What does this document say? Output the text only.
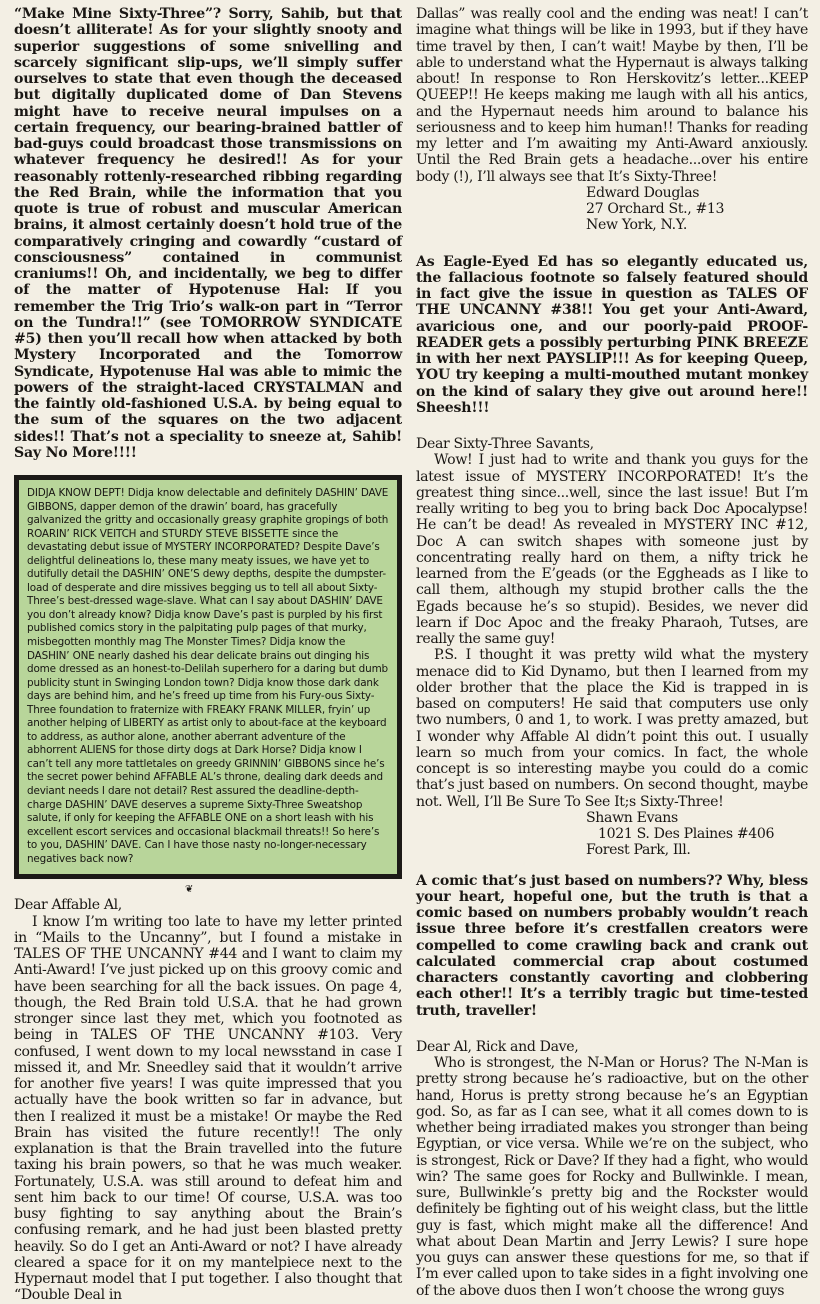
“Make Mine Sixty-Three”? Sorry, Sahib, but that doesn’t alliterate! As for your slightly snooty and superior suggestions of some snivelling and scarcely significant slip-ups, we’ll simply suffer ourselves to state that even though the deceased but digitally duplicated dome of Dan Stevens might have to receive neural impulses on a certain frequency, our bearing-brained battler of bad-guys could broadcast those transmissions on whatever frequency he desired!! As for your reasonably rottenly-researched ribbing regarding the Red Brain, while the information that you quote is true of robust and muscular American brains, it almost certainly doesn’t hold true of the comparatively cringing and cowardly “custard of consciousness” contained in communist craniums!! Oh, and incidentally, we beg to differ of the matter of Hypotenuse Hal: If you remember the Trig Trio’s walk-on part in “Terror on the Tundra!!” (see TOMORROW SYNDICATE #5) then you’ll recall how when attacked by both Mystery Incorporated and the Tomorrow Syndicate, Hypotenuse Hal was able to mimic the powers of the straight-laced CRYSTALMAN and the faintly old-fashioned U.S.A. by being equal to the sum of the squares on the two adjacent sides!! That’s not a speciality to sneeze at, Sahib! Say No More!!!!

DIDJA KNOW DEPT! Didja know delectable and definitely DASHIN’ DAVE GIBBONS, dapper demon of the drawin’ board, has gracefully galvanized the gritty and occasionally greasy graphite gropings of both ROARIN’ RICK VEITCH and STURDY STEVE BISSETTE since the devastating debut issue of MYSTERY INCORPORATED? Despite Dave’s delightful delineations lo, these many meaty issues, we have yet to dutifully detail the DASHIN’ ONE’S dewy depths, despite the dumpster-load of desperate and dire missives begging us to tell all about Sixty-Three’s best-dressed wage-slave. What can I say about DASHIN’ DAVE you don’t already know? Didja know Dave’s past is purpled by his first published comics story in the palpitating pulp pages of that murky, misbegotten monthly mag The Monster Times? Didja know the DASHIN’ ONE nearly dashed his dear delicate brains out dinging his dome dressed as an honest-to-Delilah superhero for a daring but dumb publicity stunt in Swinging London town? Didja know those dark dank days are behind him, and he’s freed up time from his Fury-ous Sixty-Three foundation to fraternize with FREAKY FRANK MILLER, fryin’ up another helping of LIBERTY as artist only to about-face at the keyboard to address, as author alone, another aberrant adventure of the abhorrent ALIENS for those dirty dogs at Dark Horse? Didja know I can’t tell any more tattletales on greedy GRINNIN’ GIBBONS since he’s the secret power behind AFFABLE AL’s throne, dealing dark deeds and deviant needs I dare not detail? Rest assured the deadline-depth-charge DASHIN’ DAVE deserves a supreme Sixty-Three Sweatshop salute, if only for keeping the AFFABLE ONE on a short leash with his excellent escort services and occasional blackmail threats!! So here’s to you, DASHIN’ DAVE. Can I have those nasty no-longer-necessary negatives back now?
❦

Dear Affable Al,

I know I’m writing too late to have my letter printed in “Mails to the Uncanny”, but I found a mistake in TALES OF THE UNCANNY #44 and I want to claim my Anti-Award! I’ve just picked up on this groovy comic and have been searching for all the back issues. On page 4, though, the Red Brain told U.S.A. that he had grown stronger since last they met, which you footnoted as being in TALES OF THE UNCANNY #103. Very confused, I went down to my local newsstand in case I missed it, and Mr. Sneedley said that it wouldn’t arrive for another five years! I was quite impressed that you actually have the book written so far in advance, but then I realized it must be a mistake! Or maybe the Red Brain has visited the future recently!! The only explanation is that the Brain travelled into the future taxing his brain powers, so that he was much weaker. Fortunately, U.S.A. was still around to defeat him and sent him back to our time! Of course, U.S.A. was too busy fighting to say anything about the Brain’s confusing remark, and he had just been blasted pretty heavily. So do I get an Anti-Award or not? I have already cleared a space for it on my mantelpiece next to the Hypernaut model that I put together. I also thought that “Double Deal in

Dallas” was really cool and the ending was neat! I can’t imagine what things will be like in 1993, but if they have time travel by then, I can’t wait! Maybe by then, I’ll be able to understand what the Hypernaut is always talking about! In response to Ron Herskovitz’s letter...KEEP QUEEP!! He keeps making me laugh with all his antics, and the Hypernaut needs him around to balance his seriousness and to keep him human!! Thanks for reading my letter and I’m awaiting my Anti-Award anxiously. Until the Red Brain gets a headache...over his entire body (!), I’ll always see that It’s Sixty-Three!

Edward Douglas
27 Orchard St., #13
New York, N.Y.

As Eagle-Eyed Ed has so elegantly educated us, the fallacious footnote so falsely featured should in fact give the issue in question as TALES OF THE UNCANNY #38!! You get your Anti-Award, avaricious one, and our poorly-paid PROOF-READER gets a possibly perturbing PINK BREEZE in with her next PAYSLIP!!! As for keeping Queep, YOU try keeping a multi-mouthed mutant monkey on the kind of salary they give out around here!! Sheesh!!!

Dear Sixty-Three Savants,

Wow! I just had to write and thank you guys for the latest issue of MYSTERY INCORPORATED! It’s the greatest thing since...well, since the last issue! But I’m really writing to beg you to bring back Doc Apocalypse! He can’t be dead! As revealed in MYSTERY INC #12, Doc A can switch shapes with someone just by concentrating really hard on them, a nifty trick he learned from the E’geads (or the Eggheads as I like to call them, although my stupid brother calls the the Egads because he’s so stupid). Besides, we never did learn if Doc Apoc and the freaky Pharaoh, Tutses, are really the same guy!

P.S. I thought it was pretty wild what the mystery menace did to Kid Dynamo, but then I learned from my older brother that the place the Kid is trapped in is based on computers! He said that computers use only two numbers, 0 and 1, to work. I was pretty amazed, but I wonder why Affable Al didn’t point this out. I usually learn so much from your comics. In fact, the whole concept is so interesting maybe you could do a comic that’s just based on numbers. On second thought, maybe not. Well, I’ll Be Sure To See It;s Sixty-Three!

Shawn Evans
1021 S. Des Plaines #406
Forest Park, Ill.

A comic that’s just based on numbers?? Why, bless your heart, hopeful one, but the truth is that a comic based on numbers probably wouldn’t reach issue three before it’s crestfallen creators were compelled to come crawling back and crank out calculated commercial crap about costumed characters constantly cavorting and clobbering each other!! It’s a terribly tragic but time-tested truth, traveller!

Dear Al, Rick and Dave,

Who is strongest, the N-Man or Horus? The N-Man is pretty strong because he’s radioactive, but on the other hand, Horus is pretty strong because he’s an Egyptian god. So, as far as I can see, what it all comes down to is whether being irradiated makes you stronger than being Egyptian, or vice versa. While we’re on the subject, who is strongest, Rick or Dave? If they had a fight, who would win? The same goes for Rocky and Bullwinkle. I mean, sure, Bullwinkle’s pretty big and the Rockster would definitely be fighting out of his weight class, but the little guy is fast, which might make all the difference! And what about Dean Martin and Jerry Lewis? I sure hope you guys can answer these questions for me, so that if I’m ever called upon to take sides in a fight involving one of the above duos then I won’t choose the wrong guys
